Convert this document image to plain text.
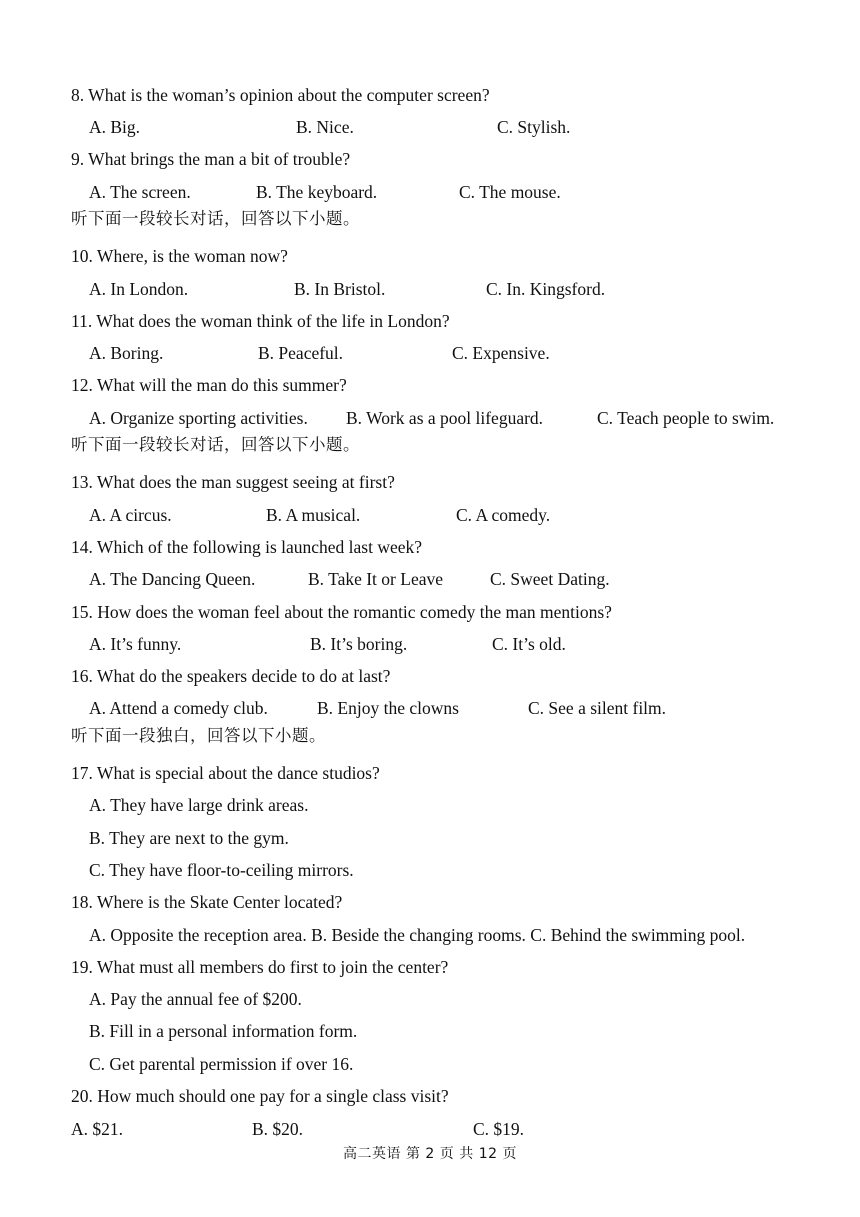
8. What is the woman’s opinion about the computer screen?
A. Big.	B. Nice.	C. Stylish.
9. What brings the man a bit of trouble?
A. The screen.	B. The keyboard.	C. The mouse.
听下面一段较长对话，回答以下小题。
10. Where, is the woman now?
A. In London.	B. In Bristol.	C. In. Kingsford.
11. What does the woman think of the life in London?
A. Boring.	B. Peaceful.	C. Expensive.
12. What will the man do this summer?
A. Organize sporting activities. B. Work as a pool lifeguard.	C. Teach people to swim.
听下面一段较长对话，回答以下小题。
13. What does the man suggest seeing at first?
A. A circus.	B. A musical.	C. A comedy.
14. Which of the following is launched last week?
A. The Dancing Queen.	B. Take It or Leave	C. Sweet Dating.
15. How does the woman feel about the romantic comedy the man mentions?
A. It’s funny.	B. It’s boring.	C. It’s old.
16. What do the speakers decide to do at last?
A. Attend a comedy club.	B. Enjoy the clowns	C. See a silent film.
听下面一段独白，回答以下小题。
17. What is special about the dance studios?
A. They have large drink areas.
B. They are next to the gym.
C. They have floor-to-ceiling mirrors.
18. Where is the Skate Center located?
A. Opposite the reception area. B. Beside the changing rooms. C. Behind the swimming pool.
19. What must all members do first to join the center?
A. Pay the annual fee of $200.
B. Fill in a personal information form.
C. Get parental permission if over 16.
20. How much should one pay for a single class visit?
A. $21.	B. $20.	C. $19.
高二英语 第 2 页 共 12 页
